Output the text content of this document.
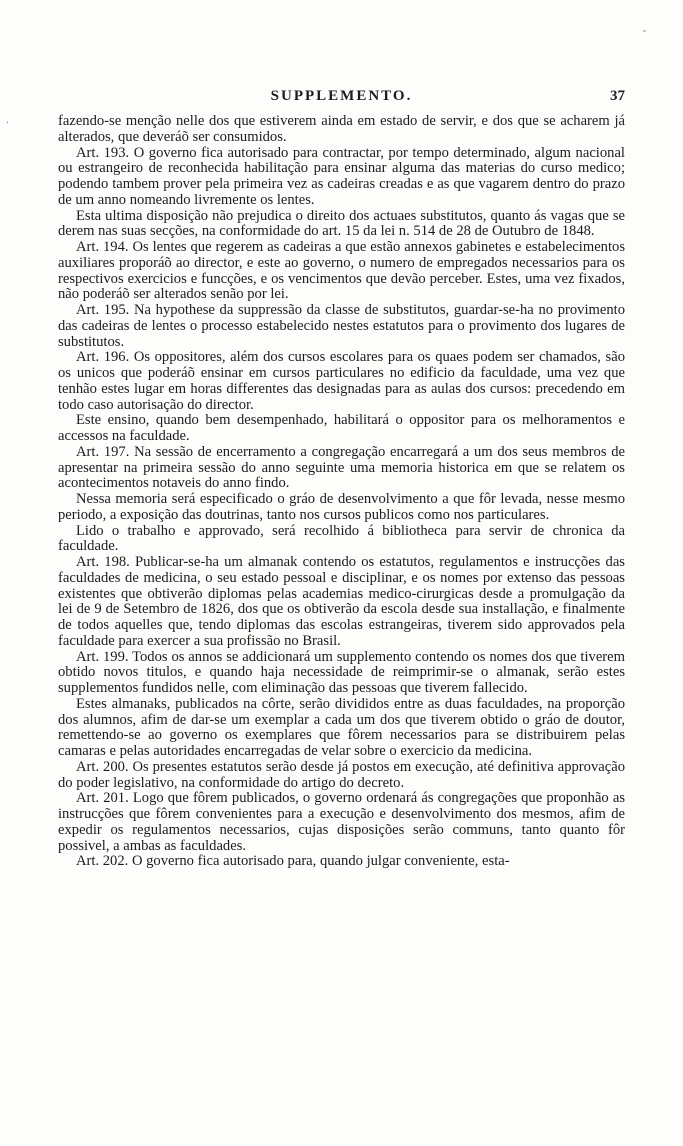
˘
·
SUPPLEMENTO.	37

fazendo-se menção nelle dos que estiverem ainda em estado de servir, e dos que se acharem já alterados, que deveráõ ser consumidos.

Art. 193. O governo fica autorisado para contractar, por tempo determinado, algum nacional ou estrangeiro de reconhecida habilitação para ensinar alguma das materias do curso medico; podendo tambem prover pela primeira vez as cadeiras creadas e as que vagarem dentro do prazo de um anno nomeando livremente os lentes.

Esta ultima disposição não prejudica o direito dos actuaes substitutos, quanto ás vagas que se derem nas suas secções, na conformidade do art. 15 da lei n. 514 de 28 de Outubro de 1848.

Art. 194. Os lentes que regerem as cadeiras a que estão annexos gabinetes e estabelecimentos auxiliares proporáõ ao director, e este ao governo, o numero de empregados necessarios para os respectivos exercicios e funcções, e os vencimentos que devão perceber. Estes, uma vez fixados, não poderáõ ser alterados senão por lei.

Art. 195. Na hypothese da suppressão da classe de substitutos, guardar-se-ha no provimento das cadeiras de lentes o processo estabelecido nestes estatutos para o provimento dos lugares de substitutos.

Art. 196. Os oppositores, além dos cursos escolares para os quaes podem ser chamados, são os unicos que poderáõ ensinar em cursos particulares no edificio da faculdade, uma vez que tenhão estes lugar em horas differentes das designadas para as aulas dos cursos: precedendo em todo caso autorisação do director.

Este ensino, quando bem desempenhado, habilitará o oppositor para os melhoramentos e accessos na faculdade.

Art. 197. Na sessão de encerramento a congregação encarregará a um dos seus membros de apresentar na primeira sessão do anno seguinte uma memoria historica em que se relatem os acontecimentos notaveis do anno findo.

Nessa memoria será especificado o gráo de desenvolvimento a que fôr levada, nesse mesmo periodo, a exposição das doutrinas, tanto nos cursos publicos como nos particulares.

Lido o trabalho e approvado, será recolhido á bibliotheca para servir de chronica da faculdade.

Art. 198. Publicar-se-ha um almanak contendo os estatutos, regulamentos e instrucções das faculdades de medicina, o seu estado pessoal e disciplinar, e os nomes por extenso das pessoas existentes que obtiverão diplomas pelas academias medico-cirurgicas desde a promulgação da lei de 9 de Setembro de 1826, dos que os obtiverão da escola desde sua installação, e finalmente de todos aquelles que, tendo diplomas das escolas estrangeiras, tiverem sido approvados pela faculdade para exercer a sua profissão no Brasil.

Art. 199. Todos os annos se addicionará um supplemento contendo os nomes dos que tiverem obtido novos titulos, e quando haja necessidade de reimprimir-se o almanak, serão estes supplementos fundidos nelle, com eliminação das pessoas que tiverem fallecido.

Estes almanaks, publicados na côrte, serão divididos entre as duas faculdades, na proporção dos alumnos, afim de dar-se um exemplar a cada um dos que tiverem obtido o gráo de doutor, remettendo-se ao governo os exemplares que fôrem necessarios para se distribuirem pelas camaras e pelas autoridades encarregadas de velar sobre o exercicio da medicina.

Art. 200. Os presentes estatutos serão desde já postos em execução, até definitiva approvação do poder legislativo, na conformidade do artigo do decreto.

Art. 201. Logo que fôrem publicados, o governo ordenará ás congregações que proponhão as instrucções que fôrem convenientes para a execução e desenvolvimento dos mesmos, afim de expedir os regulamentos necessarios, cujas disposições serão communs, tanto quanto fôr possivel, a ambas as faculdades.

Art. 202. O governo fica autorisado para, quando julgar conveniente, esta-
